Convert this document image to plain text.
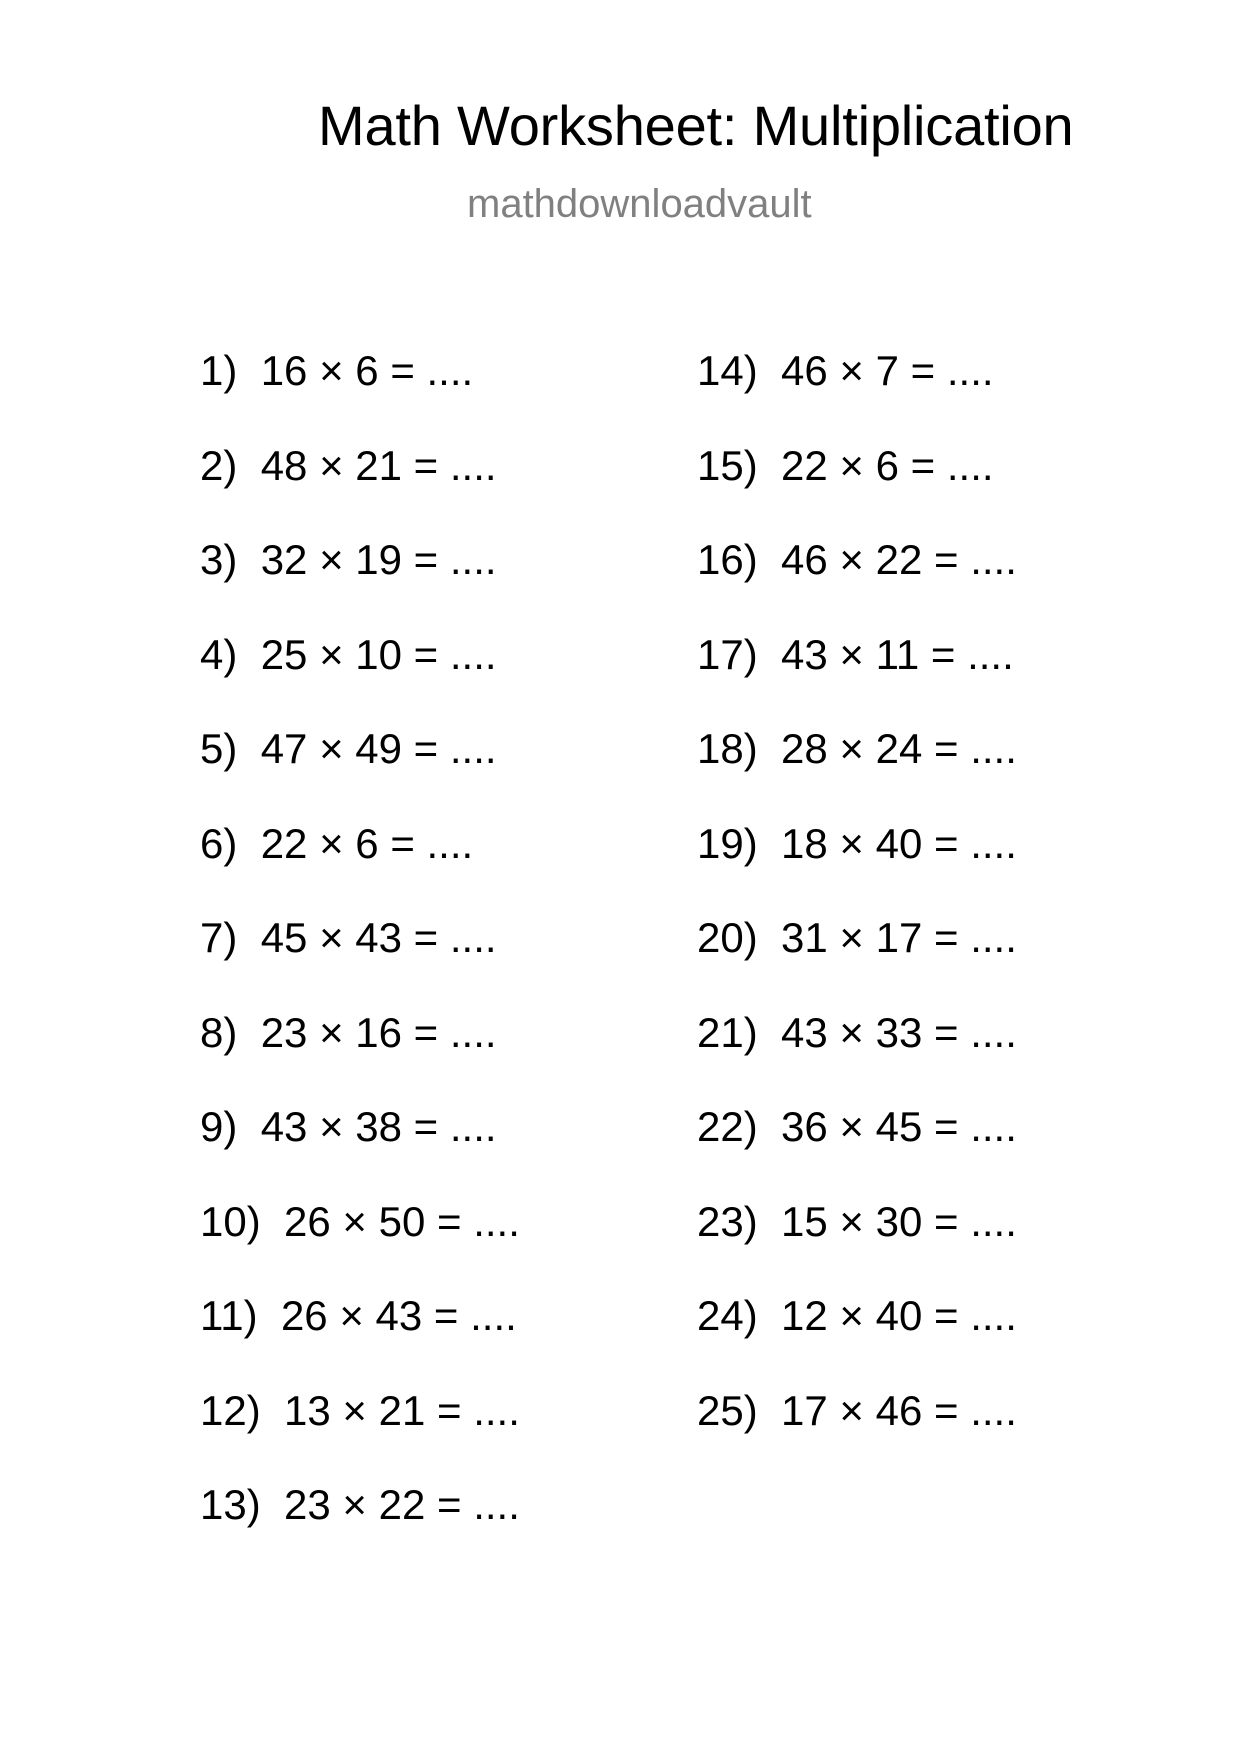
Math Worksheet: Multiplication
mathdownloadvault
1)
16 × 6 = ....
2)
48 × 21 = ....
3)
32 × 19 = ....
4)
25 × 10 = ....
5)
47 × 49 = ....
6)
22 × 6 = ....
7)
45 × 43 = ....
8)
23 × 16 = ....
9)
43 × 38 = ....
10)
26 × 50 = ....
11)
26 × 43 = ....
12)
13 × 21 = ....
13)
23 × 22 = ....
14)
46 × 7 = ....
15)
22 × 6 = ....
16)
46 × 22 = ....
17)
43 × 11 = ....
18)
28 × 24 = ....
19)
18 × 40 = ....
20)
31 × 17 = ....
21)
43 × 33 = ....
22)
36 × 45 = ....
23)
15 × 30 = ....
24)
12 × 40 = ....
25)
17 × 46 = ....
